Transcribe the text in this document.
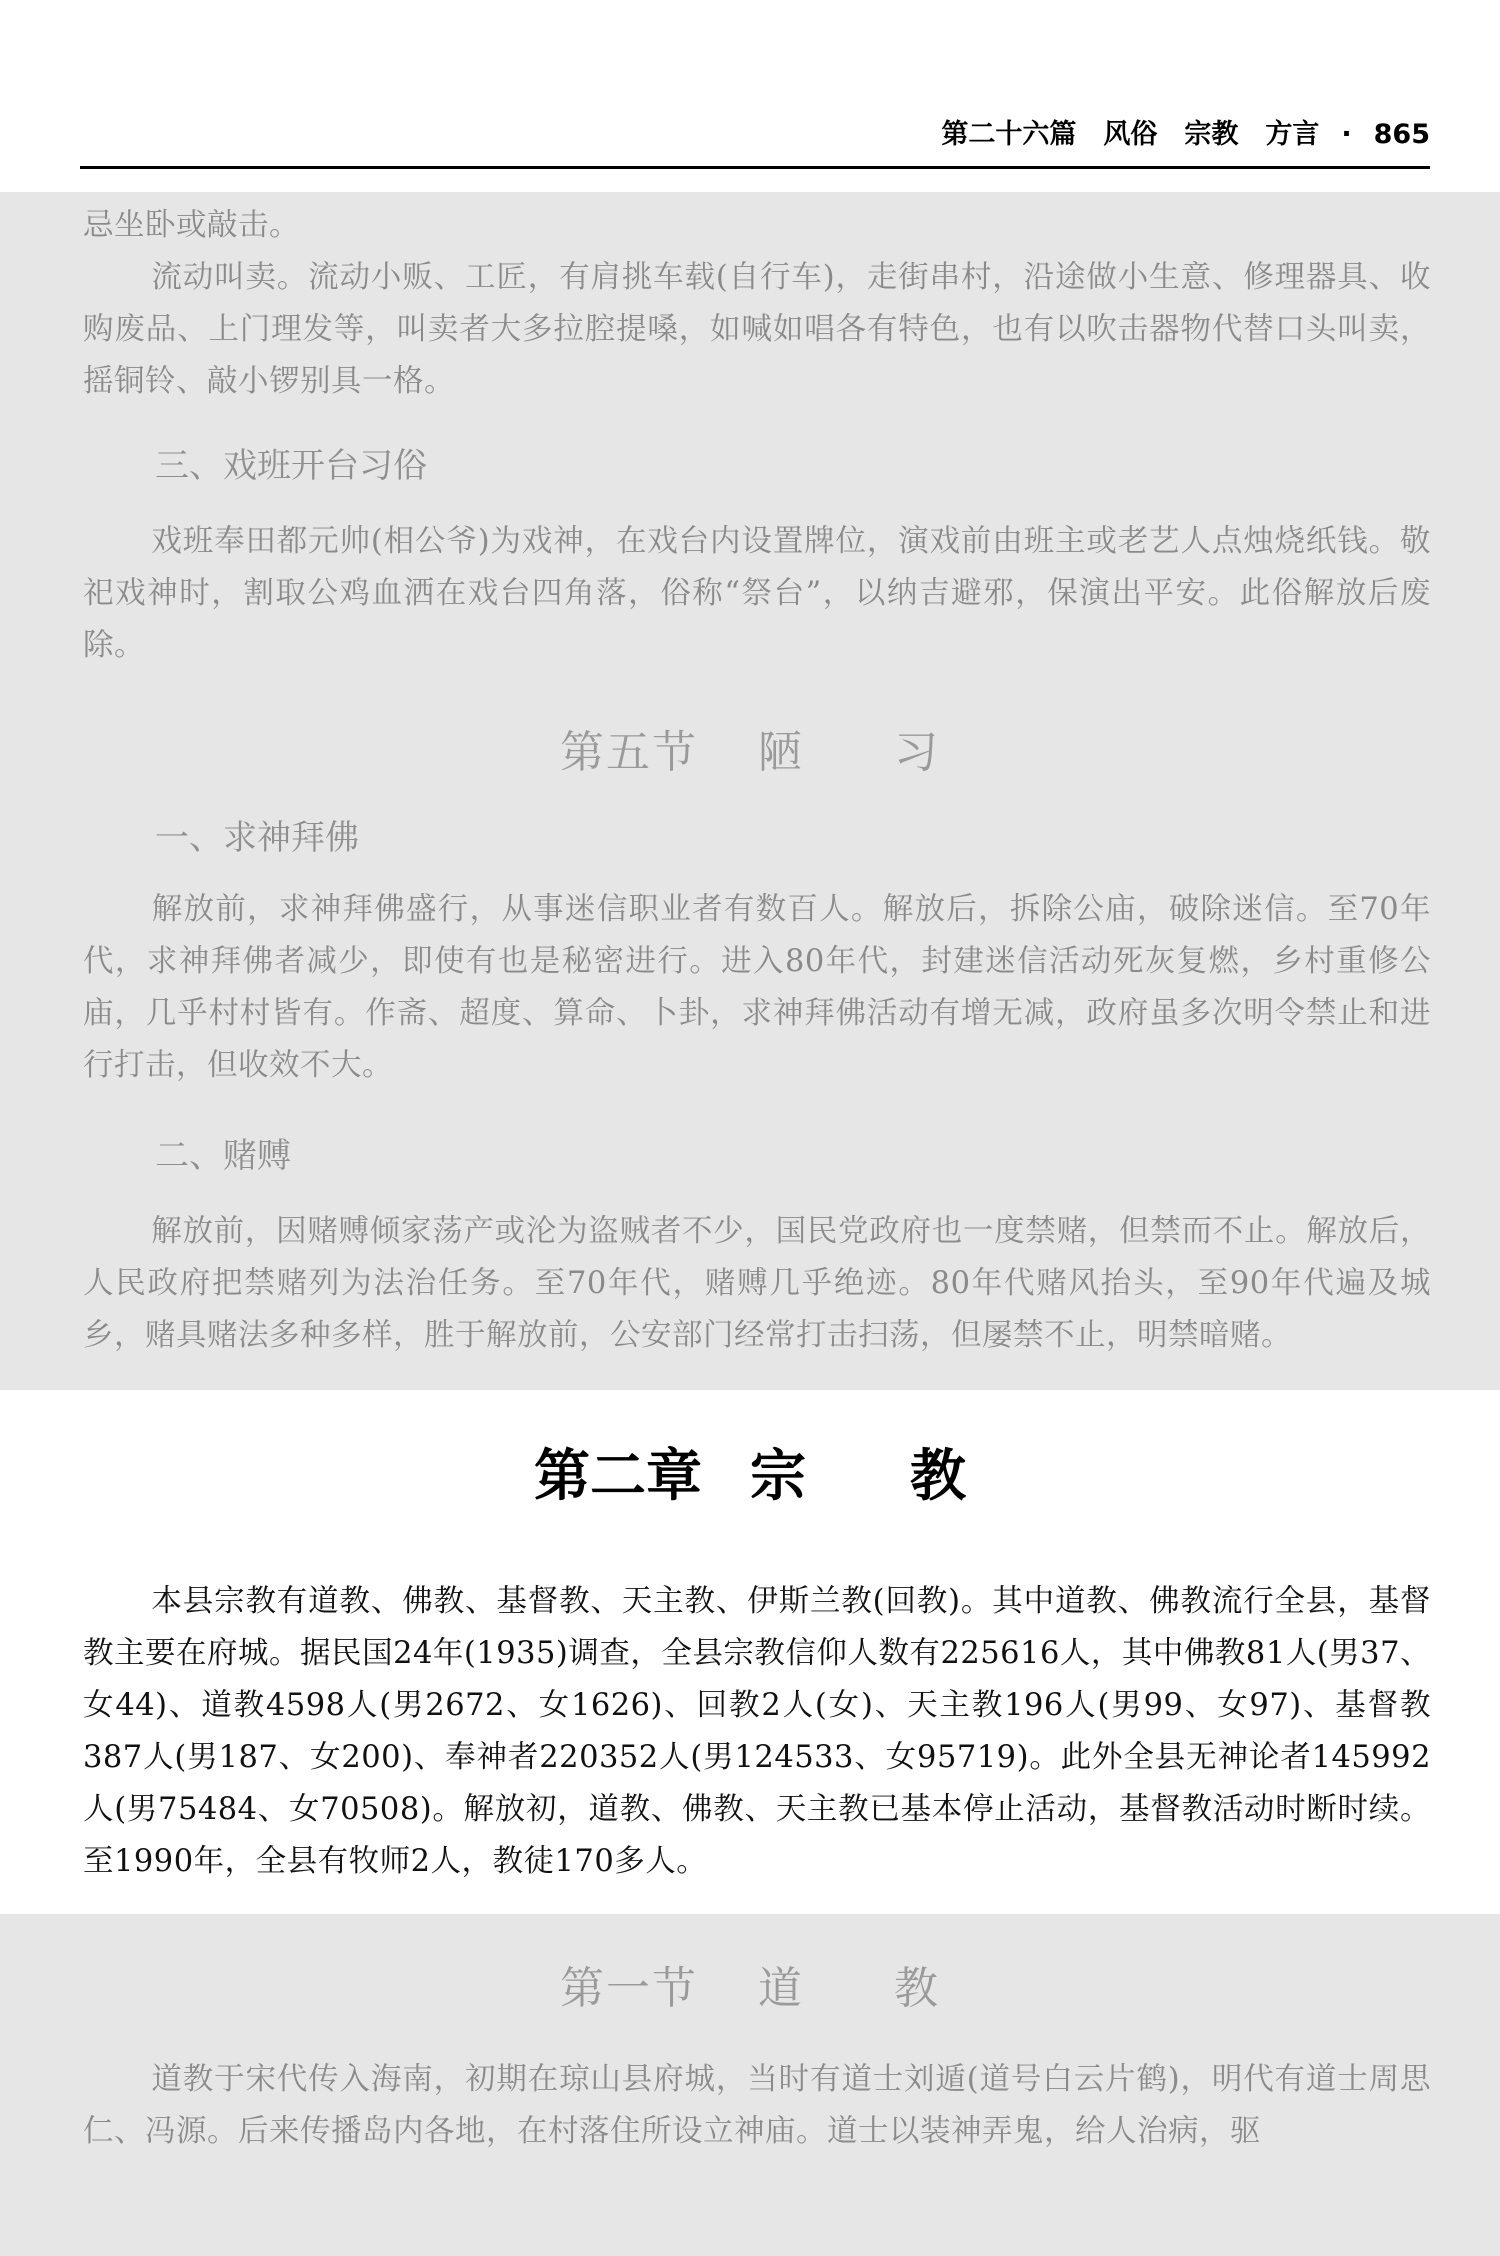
第二十六篇　风俗　宗教　方言 · 865

忌坐卧或敲击。

流动叫卖。流动小贩、工匠，有肩挑车载(自行车)，走街串村，沿途做小生意、修理器具、收购废品、上门理发等，叫卖者大多拉腔提嗓，如喊如唱各有特色，也有以吹击器物代替口头叫卖，摇铜铃、敲小锣别具一格。

三、戏班开台习俗

戏班奉田都元帅(相公爷)为戏神，在戏台内设置牌位，演戏前由班主或老艺人点烛烧纸钱。敬祀戏神时，割取公鸡血洒在戏台四角落，俗称“祭台”，以纳吉避邪，保演出平安。此俗解放后废除。

第五节 陋 习
一、求神拜佛

解放前，求神拜佛盛行，从事迷信职业者有数百人。解放后，拆除公庙，破除迷信。至70年代，求神拜佛者减少，即使有也是秘密进行。进入80年代，封建迷信活动死灰复燃，乡村重修公庙，几乎村村皆有。作斋、超度、算命、卜卦，求神拜佛活动有增无减，政府虽多次明令禁止和进行打击，但收效不大。

二、赌赙

解放前，因赌赙倾家荡产或沦为盗贼者不少，国民党政府也一度禁赌，但禁而不止。解放后，人民政府把禁赌列为法治任务。至70年代，赌赙几乎绝迹。80年代赌风抬头，至90年代遍及城乡，赌具赌法多种多样，胜于解放前，公安部门经常打击扫荡，但屡禁不止，明禁暗赌。

第二章 宗 教

本县宗教有道教、佛教、基督教、天主教、伊斯兰教(回教)。其中道教、佛教流行全县，基督教主要在府城。据民国24年(1935)调查，全县宗教信仰人数有225616人，其中佛教81人(男37、女44)、道教4598人(男2672、女1626)、回教2人(女)、天主教196人(男99、女97)、基督教387人(男187、女200)、奉神者220352人(男124533、女95719)。此外全县无神论者145992人(男75484、女70508)。解放初，道教、佛教、天主教已基本停止活动，基督教活动时断时续。至1990年，全县有牧师2人，教徒170多人。

第一节 道 教

道教于宋代传入海南，初期在琼山县府城，当时有道士刘遁(道号白云片鹤)，明代有道士周思仁、冯源。后来传播岛内各地，在村落住所设立神庙。道士以装神弄鬼，给人治病，驱
